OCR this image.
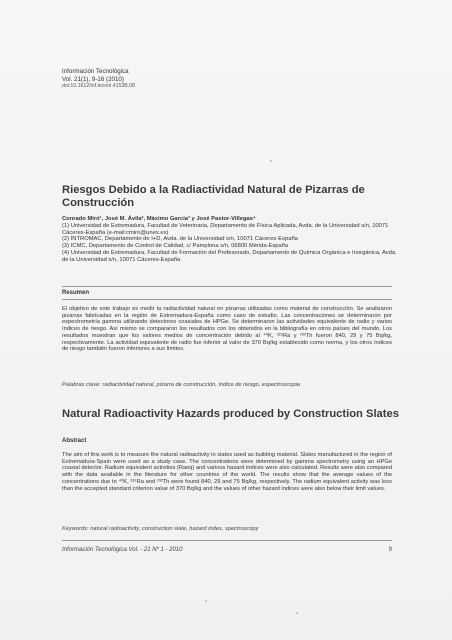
Información Tecnológica
Vol. 21(1), 9-16 (2010)
doi:10.1612/inf.tecnol.4153B.08
Riesgos Debido a la Radiactividad Natural de Pizarras de Construcción
Conrado Miró¹, José M. Ávila², Máximo García³ y José Pastor-Villegas⁴
(1) Universidad de Extremadura, Facultad de Veterinaria, Departamento de Física Aplicada, Avda. de la Universidad s/n, 10071 Cáceres-España (e-mail:cmiro@unex.es)
(2) INTROMAC, Departamento de I+D, Avda. de la Universidad s/n, 10071 Cáceres-España
(3) ICMC, Departamento de Control de Calidad, c/ Pamplona s/n, 06800 Mérida-España
(4) Universidad de Extremadura, Facultad de Formación del Profesorado, Departamento de Química Orgánica e Inorgánica, Avda. de la Universidad s/n, 10071 Cáceres-España
Resumen
El objetivo de este trabajo es medir la radiactividad natural en pizarras utilizadas como material de construcción. Se analizaron pizarras fabricadas en la región de Extremadura-España como caso de estudio. Las concentraciones se determinaron por espectrometría gamma utilizando detectores coaxiales de HPGe. Se determinaron las actividades equivalente de radio y varios índices de riesgo. Así mismo se compararon los resultados con los obtenidos en la bibliografía en otros países del mundo. Los resultados muestran que los valores medios de concentración debido al ⁴⁰K, ²²⁶Ra y ²³²Th fueron 840, 29 y 75 Bq/kg, respectivamente. La actividad equivalente de radio fue inferior al valor de 370 Bq/kg establecido como norma, y los otros índices de riesgo también fueron inferiores a sus límites.
Palabras clave: radiactividad natural, pizarra de construcción, índice de riesgo, espectroscopia
Natural Radioactivity Hazards produced by Construction Slates
Abstract
The aim of this work is to measure the natural radioactivity in slates used as building material. Slates manufactured in the region of Extremadura-Spain were used as a study case. The concentrations were determined by gamma spectrometry using an HPGe coaxial detector. Radium equivalent activities (Raeq) and various hazard indices were also calculated. Results were also compared with the data available in the literature for other countries of the world. The results show that the average values of the concentrations due to ⁴⁰K, ²²⁶Ra and ²³²Th were found 840, 29 and 75 Bq/kg, respectively. The radium equivalent activity was less than the accepted standard criterion value of 370 Bq/kg and the values of other hazard indices were also below their limit values.
Keywords: natural radioactivity, construction slate, hazard index, spectroscopy
Información Tecnológica Vol. - 21 Nº 1 - 2010	9
